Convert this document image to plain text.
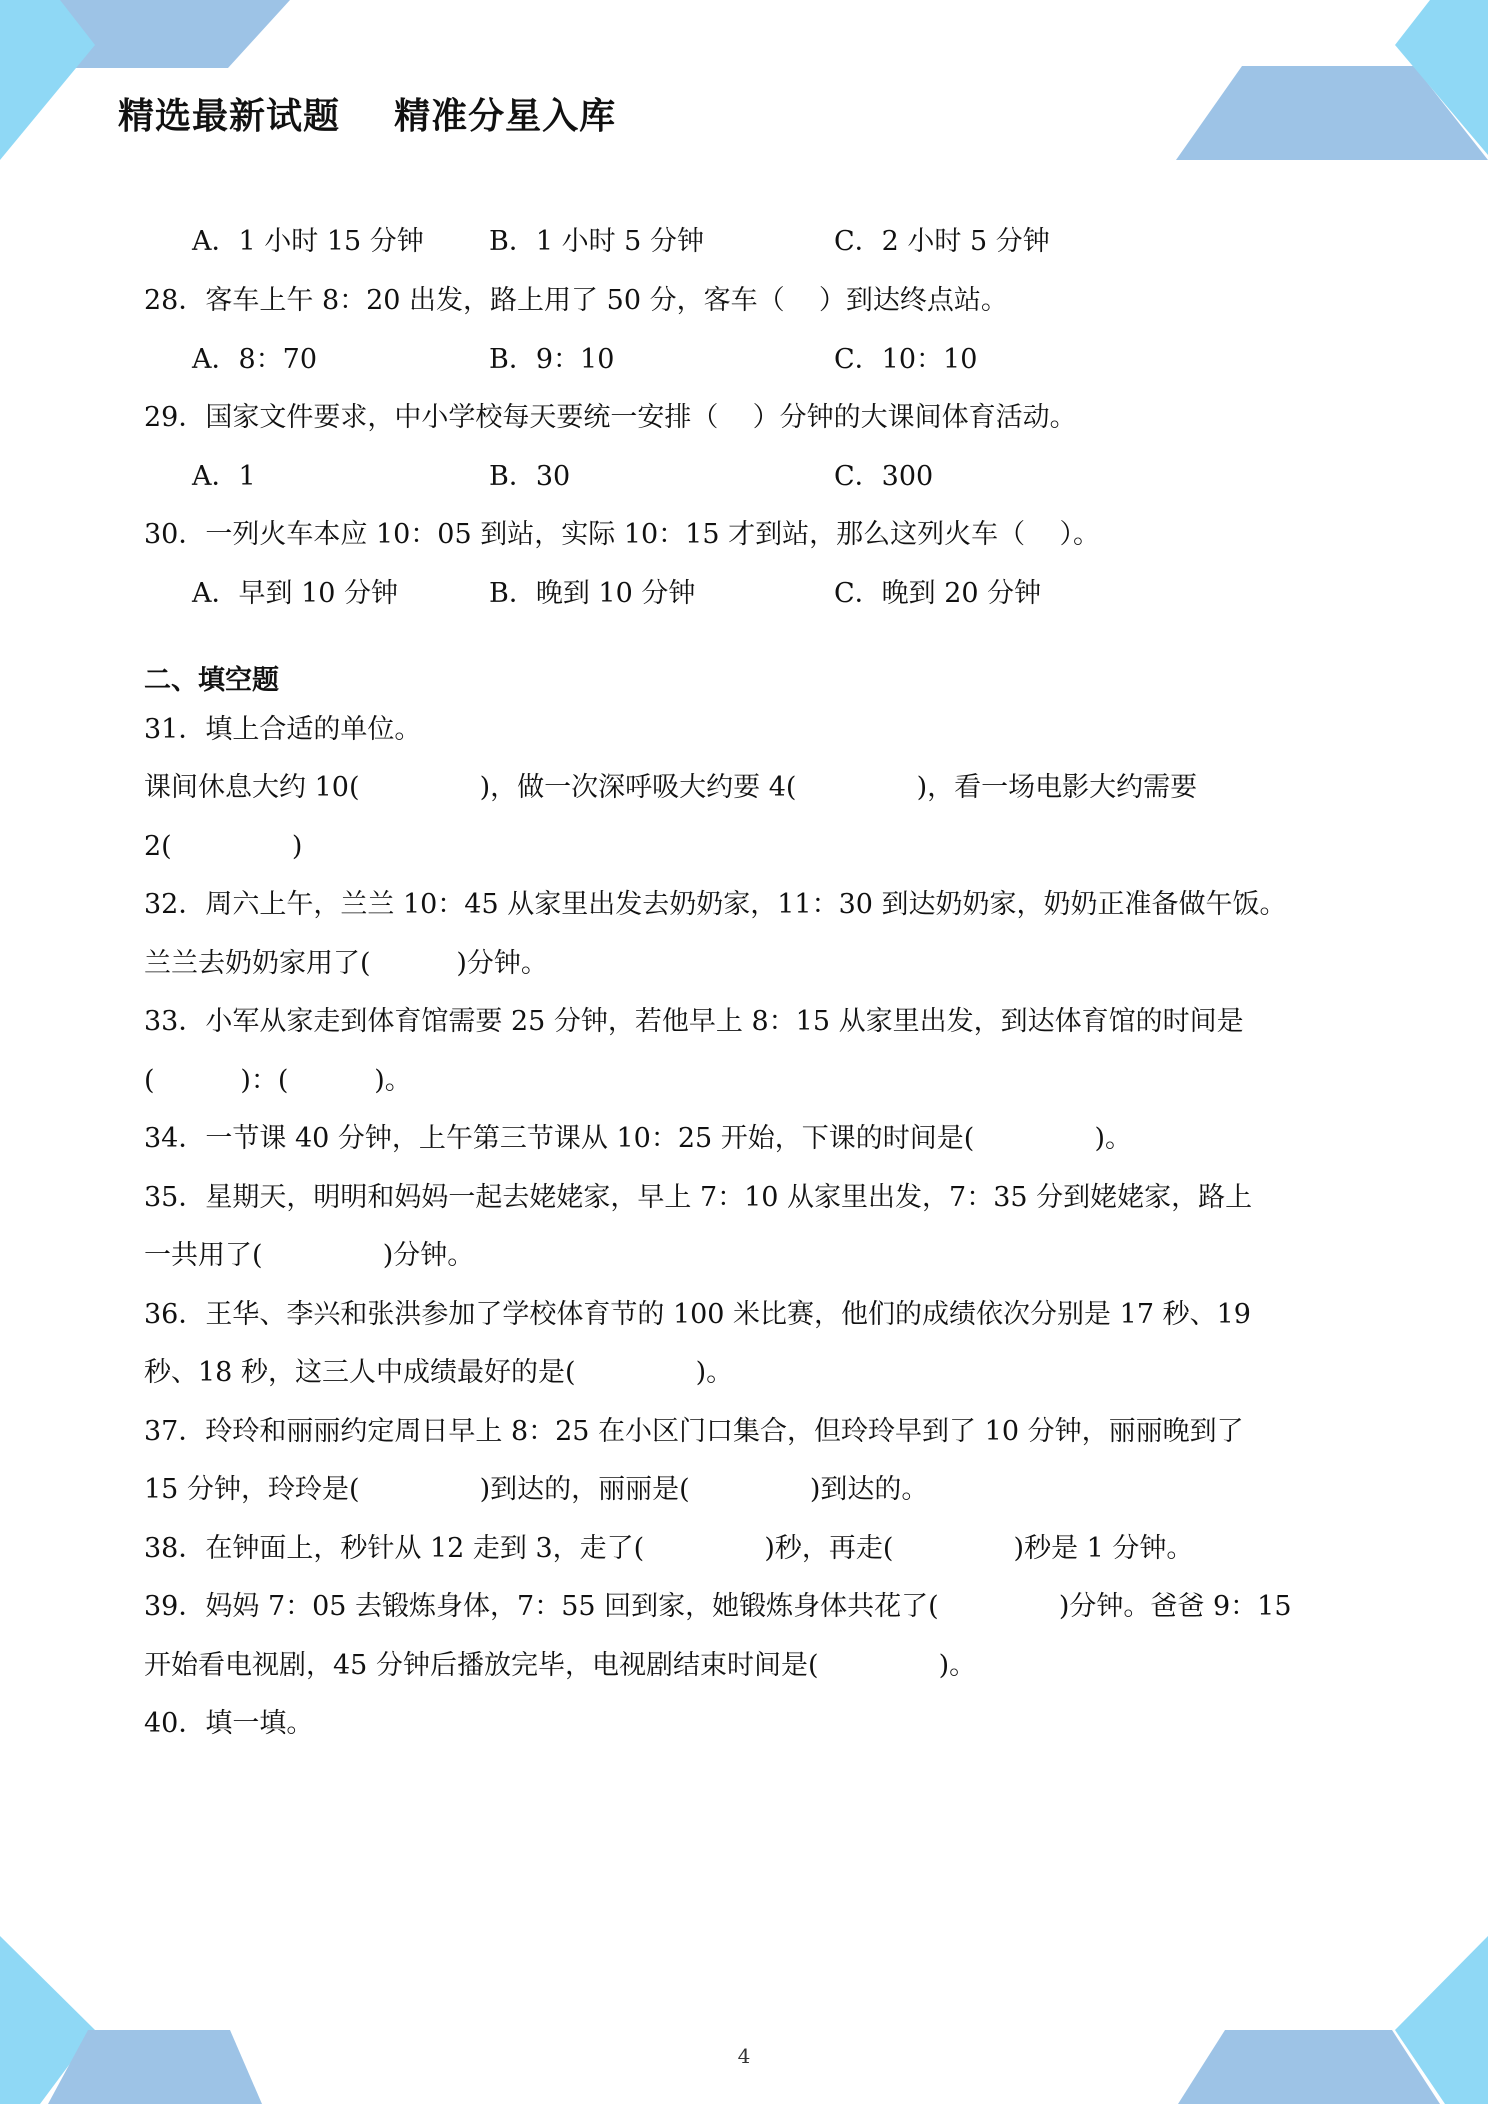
精选最新试题    精准分星入库
A．1 小时 15 分钟 B．1 小时 5 分钟	C．2 小时 5 分钟
28．客车上午 8：20 出发，路上用了 50 分，客车（    ）到达终点站。
A．8：70	B．9：10	C．10：10
29．国家文件要求，中小学校每天要统一安排（    ）分钟的大课间体育活动。
A．1	B．30	C．300
30．一列火车本应 10：05 到站，实际 10：15 才到站，那么这列火车（    ）。
A．早到 10 分钟	B．晚到 10 分钟	C．晚到 20 分钟
二、填空题
31．填上合适的单位。
课间休息大约 10(              )，做一次深呼吸大约要 4(              )，看一场电影大约需要
2(              )
32．周六上午，兰兰 10：45 从家里出发去奶奶家，11：30 到达奶奶家，奶奶正准备做午饭。
兰兰去奶奶家用了(          )分钟。
33．小军从家走到体育馆需要 25 分钟，若他早上 8：15 从家里出发，到达体育馆的时间是
(          )：(          )。
34．一节课 40 分钟，上午第三节课从 10：25 开始，下课的时间是(              )。
35．星期天，明明和妈妈一起去姥姥家，早上 7：10 从家里出发，7：35 分到姥姥家，路上
一共用了(              )分钟。
36．王华、李兴和张洪参加了学校体育节的 100 米比赛，他们的成绩依次分别是 17 秒、19
秒、18 秒，这三人中成绩最好的是(              )。
37．玲玲和丽丽约定周日早上 8：25 在小区门口集合，但玲玲早到了 10 分钟，丽丽晚到了
15 分钟，玲玲是(              )到达的，丽丽是(              )到达的。
38．在钟面上，秒针从 12 走到 3，走了(              )秒，再走(              )秒是 1 分钟。
39．妈妈 7：05 去锻炼身体，7：55 回到家，她锻炼身体共花了(              )分钟。爸爸 9：15
开始看电视剧，45 分钟后播放完毕，电视剧结束时间是(              )。
40．填一填。
4
